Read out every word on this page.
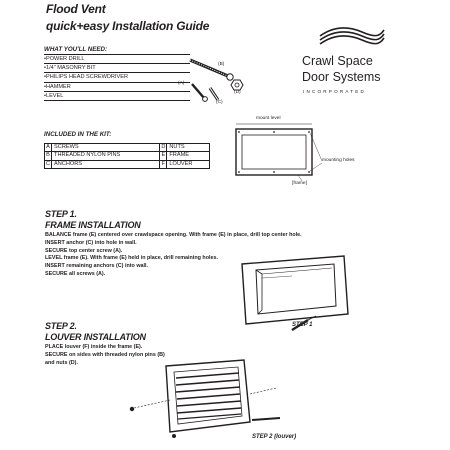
Flood Vent
quick+easy Installation Guide
Crawl Space
Door Systems
INCORPORATED
WHAT YOU'LL NEED:
•POWER DRILL
•1/4" MASONRY BIT
•PHILIPS HEAD SCREWDRIVER
•HAMMER
•LEVEL
(B)
(A)
(C)
(D)
INCLUDED IN THE KIT:
A	SCREWS	D	NUTS
B	THREADED NYLON PINS	E	FRAME
C	ANCHORS	F	LOUVER
mount level
mounting holes
[frame]
STEP 1.
FRAME INSTALLATION
BALANCE frame (E) centered over crawlspace opening. With frame (E) in place, drill top center hole.
INSERT anchor (C) into hole in wall.
SECURE top center screw (A).
LEVEL frame (E). With frame (E) held in place, drill remaining holes.
INSERT remaining anchors (C) into wall.
SECURE all screws (A).
STEP 1
STEP 2.
LOUVER INSTALLATION
PLACE louver (F) inside the frame (E).
SECURE on sides with threaded nylon pins (B)
and nuts (D).
STEP 2 (louver)
